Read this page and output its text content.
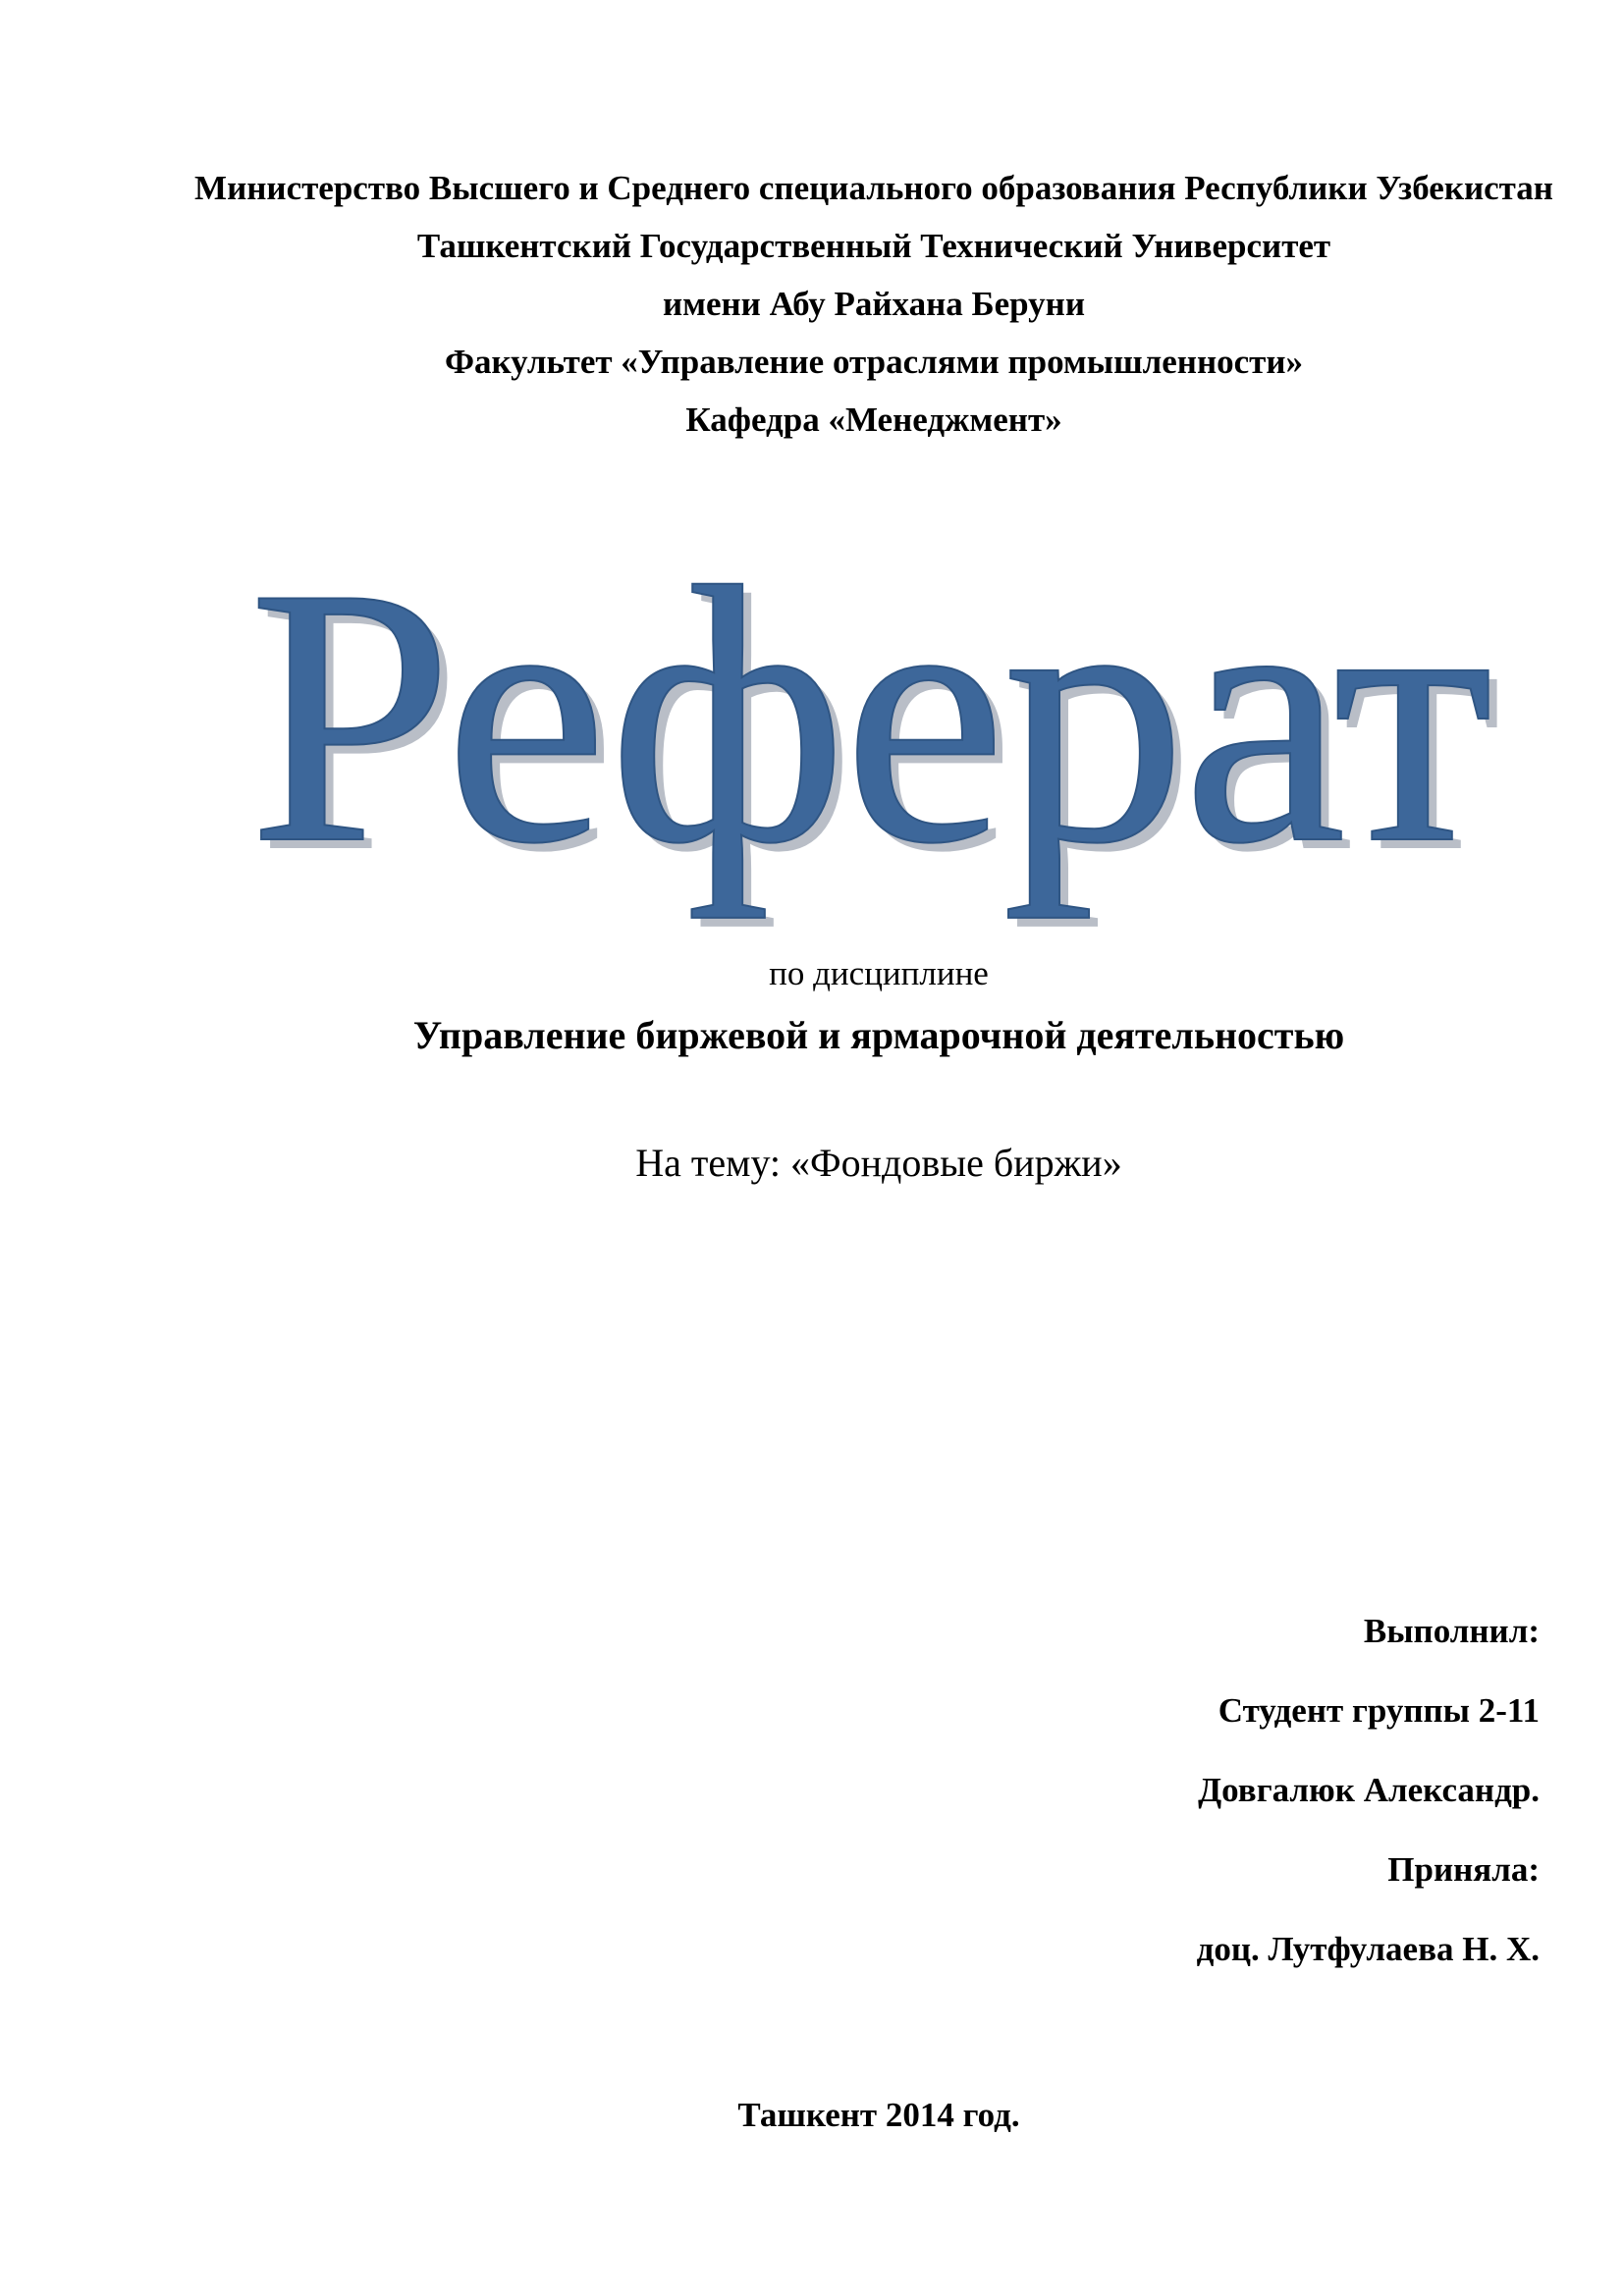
Министерство Высшего и Среднего специального образования Республики Узбекистан

Ташкентский Государственный Технический Университет
имени Абу Райхана Беруни
Факультет «Управление отраслями промышленности»
Кафедра «Менеджмент»
Реферат
по дисциплине
Управление биржевой и ярмарочной деятельностью
На тему: «Фондовые биржи»
Выполнил:
Студент группы 2-11
Довгалюк Александр.
Приняла:
доц. Лутфулаева Н. Х.
Ташкент 2014 год.
